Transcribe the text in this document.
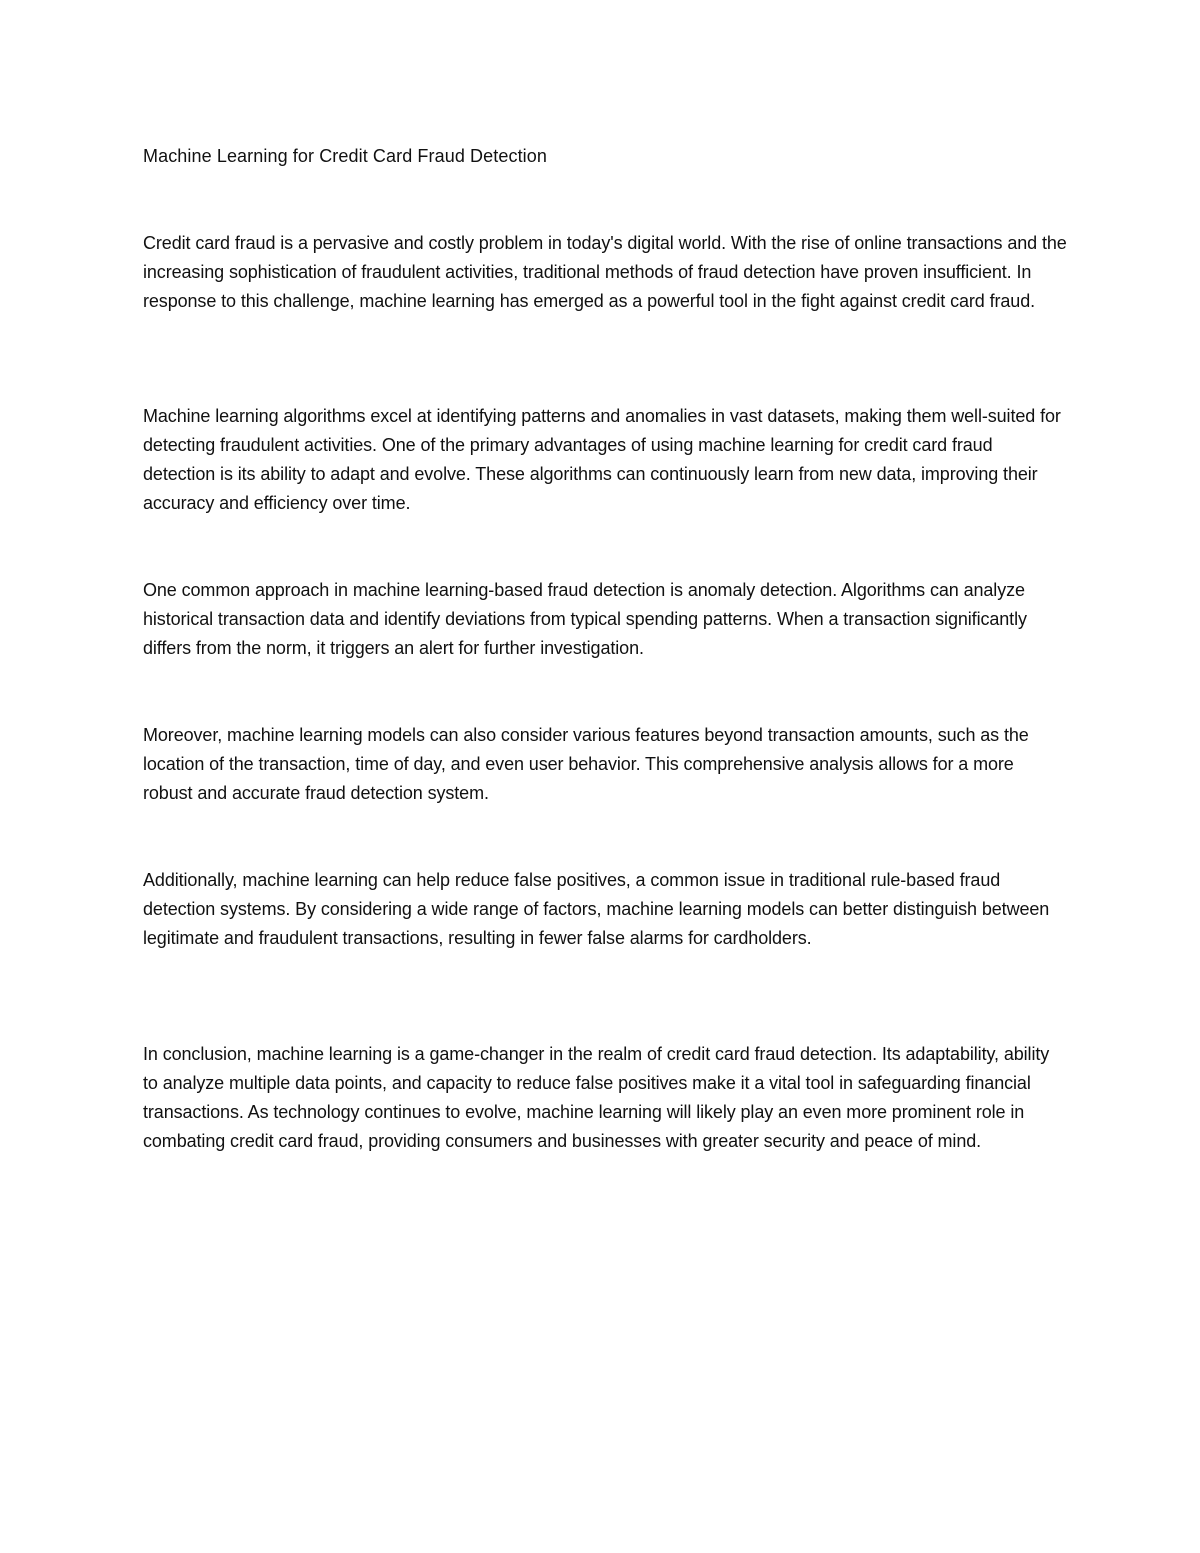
Machine Learning for Credit Card Fraud Detection

Credit card fraud is a pervasive and costly problem in today's digital world. With the rise of online transactions and the increasing sophistication of fraudulent activities, traditional methods of fraud detection have proven insufficient. In response to this challenge, machine learning has emerged as a powerful tool in the fight against credit card fraud.

Machine learning algorithms excel at identifying patterns and anomalies in vast datasets, making them well-suited for detecting fraudulent activities. One of the primary advantages of using machine learning for credit card fraud detection is its ability to adapt and evolve. These algorithms can continuously learn from new data, improving their accuracy and efficiency over time.

One common approach in machine learning-based fraud detection is anomaly detection. Algorithms can analyze historical transaction data and identify deviations from typical spending patterns. When a transaction significantly differs from the norm, it triggers an alert for further investigation.

Moreover, machine learning models can also consider various features beyond transaction amounts, such as the location of the transaction, time of day, and even user behavior. This comprehensive analysis allows for a more robust and accurate fraud detection system.

Additionally, machine learning can help reduce false positives, a common issue in traditional rule-based fraud detection systems. By considering a wide range of factors, machine learning models can better distinguish between legitimate and fraudulent transactions, resulting in fewer false alarms for cardholders.

In conclusion, machine learning is a game-changer in the realm of credit card fraud detection. Its adaptability, ability to analyze multiple data points, and capacity to reduce false positives make it a vital tool in safeguarding financial transactions. As technology continues to evolve, machine learning will likely play an even more prominent role in combating credit card fraud, providing consumers and businesses with greater security and peace of mind.
